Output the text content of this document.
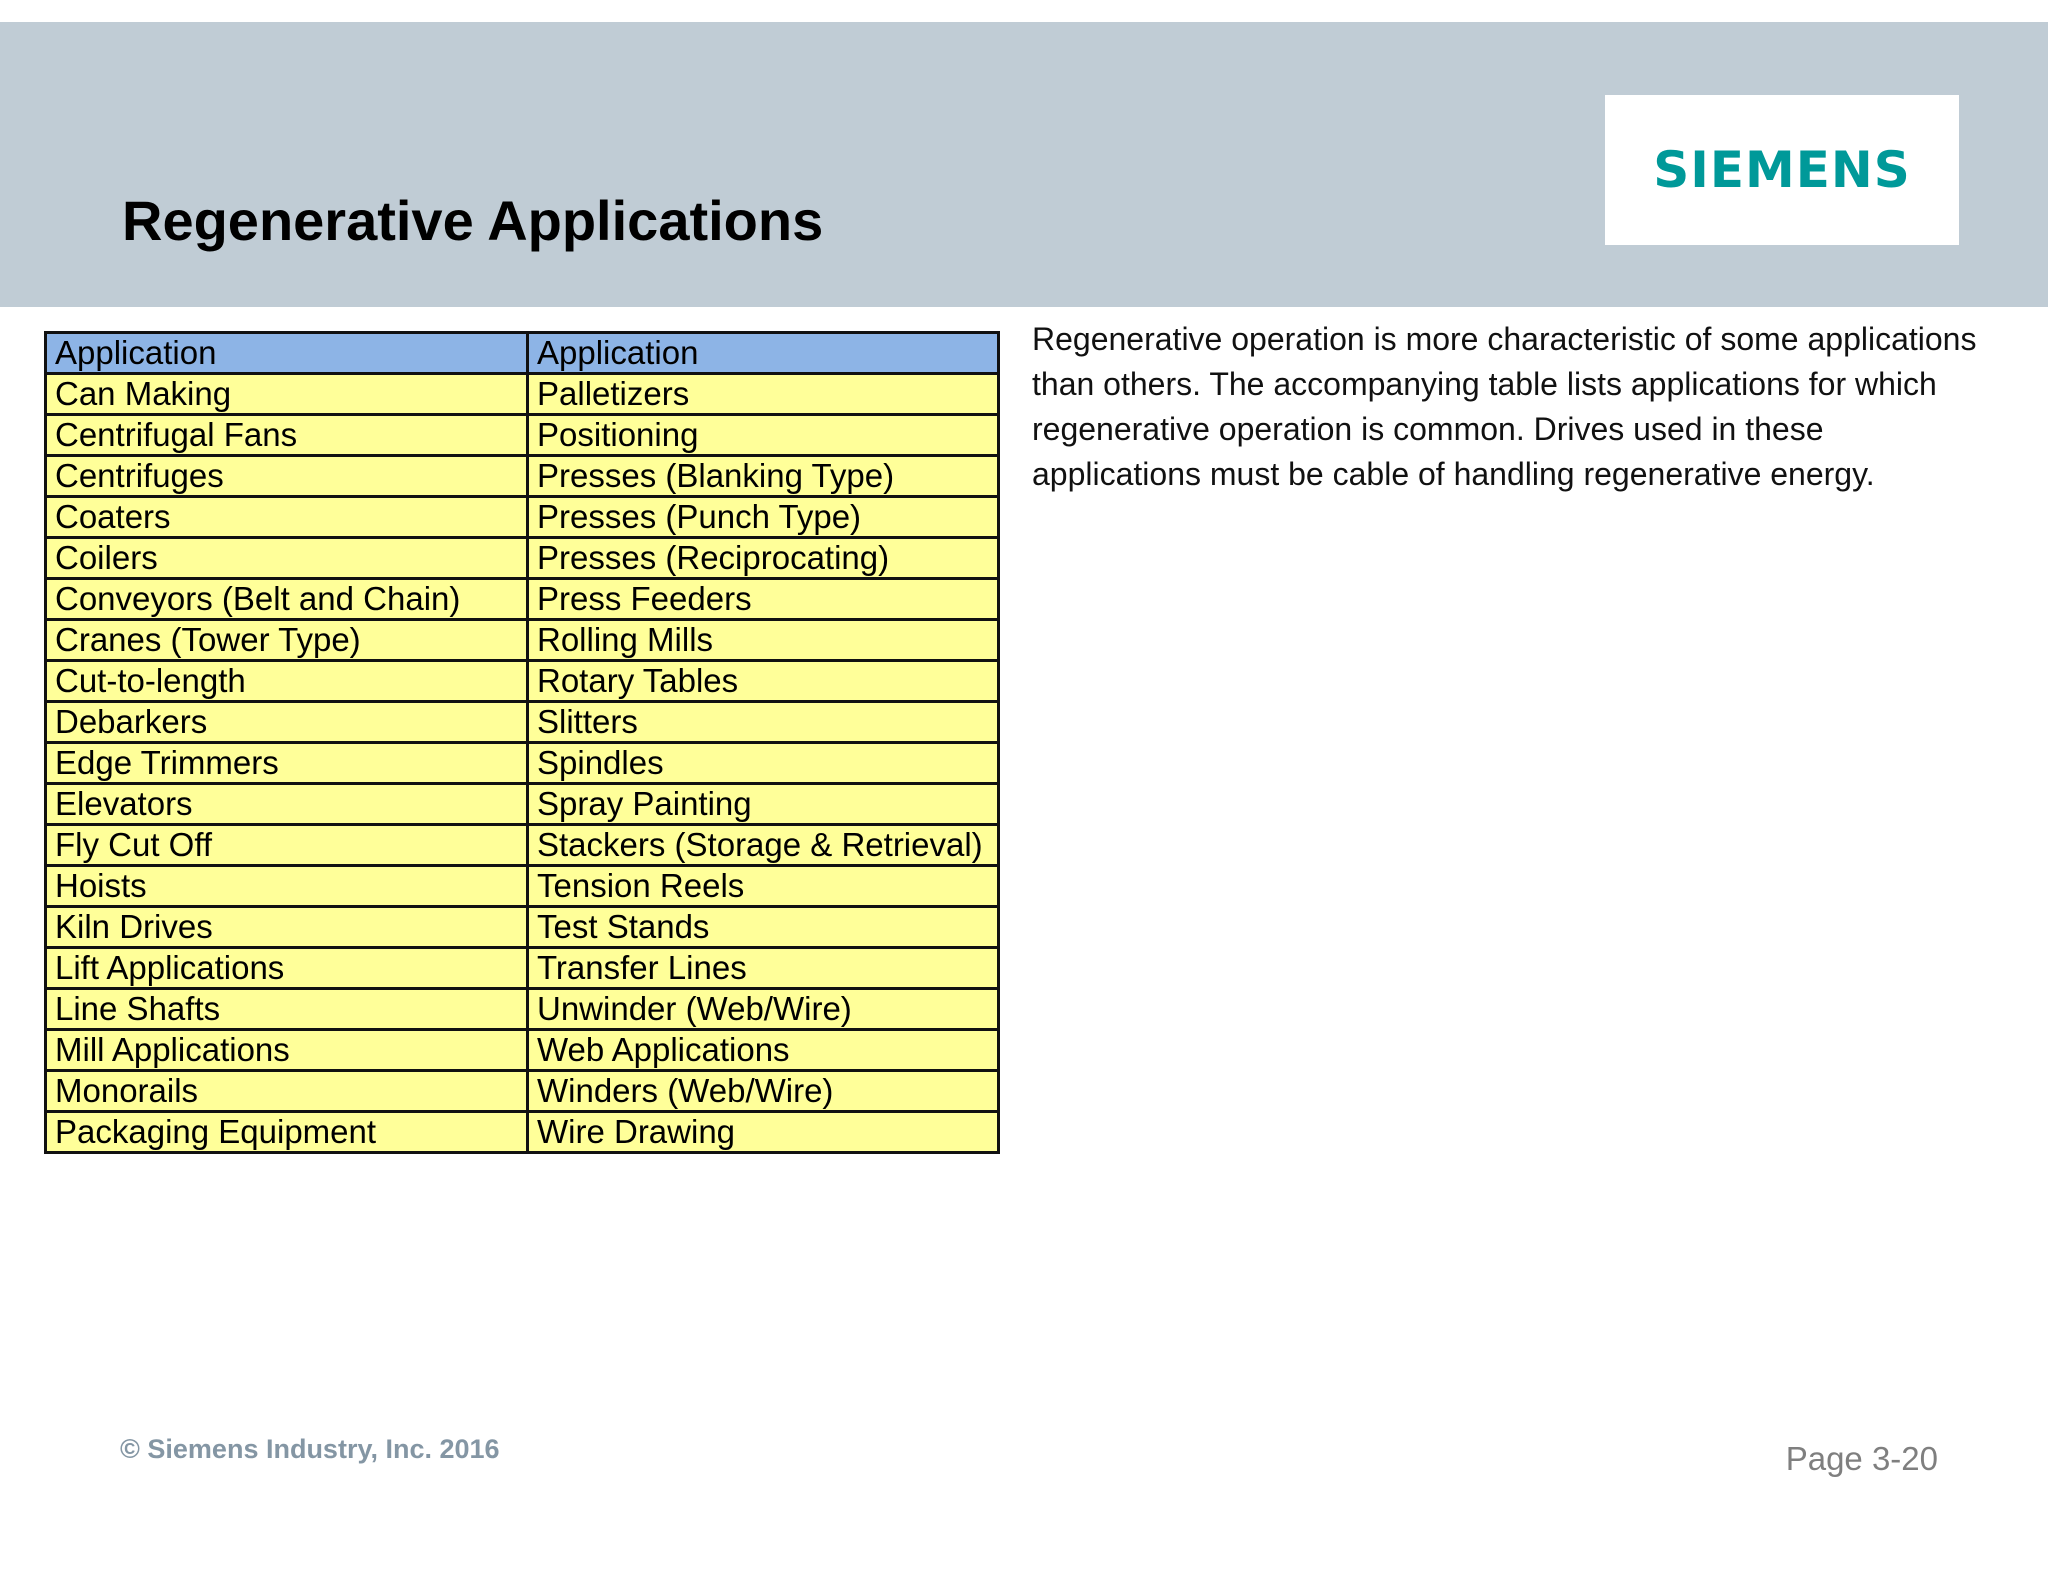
Regenerative Applications
SIEMENS
Application	Application
Can Making	Palletizers
Centrifugal Fans	Positioning
Centrifuges	Presses (Blanking Type)
Coaters	Presses (Punch Type)
Coilers	Presses (Reciprocating)
Conveyors (Belt and Chain)	Press Feeders
Cranes (Tower Type)	Rolling Mills
Cut-to-length	Rotary Tables
Debarkers	Slitters
Edge Trimmers	Spindles
Elevators	Spray Painting
Fly Cut Off	Stackers (Storage & Retrieval)
Hoists	Tension Reels
Kiln Drives	Test Stands
Lift Applications	Transfer Lines
Line Shafts	Unwinder (Web/Wire)
Mill Applications	Web Applications
Monorails	Winders (Web/Wire)
Packaging Equipment	Wire Drawing
Regenerative operation is more characteristic of some applications than others. The accompanying table lists applications for which regenerative operation is common. Drives used in these applications must be cable of handling regenerative energy.
© Siemens Industry, Inc. 2016	Page 3-20
